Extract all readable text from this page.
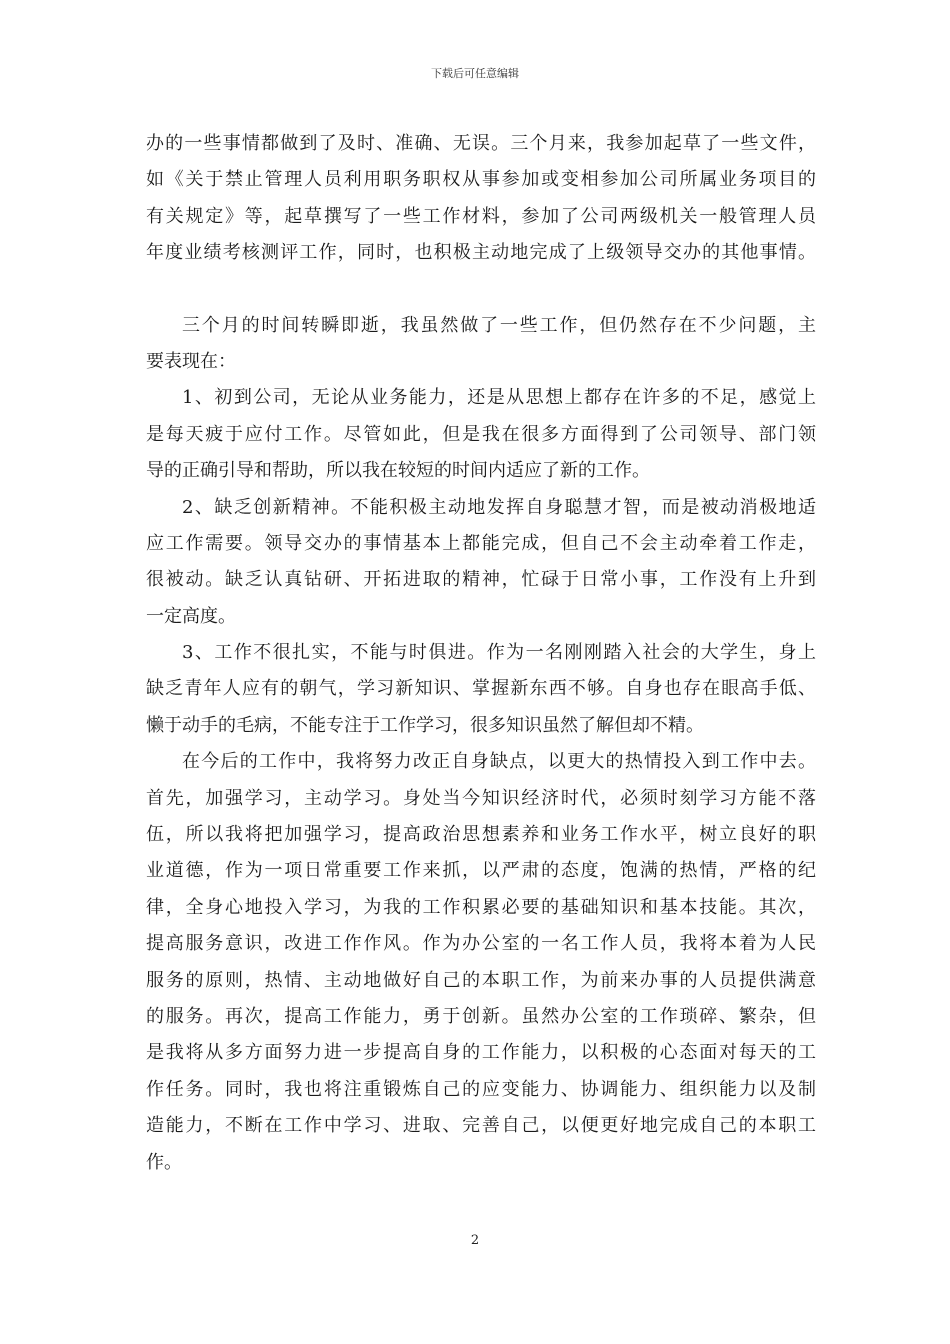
下载后可任意编辑
办的一些事情都做到了及时、准确、无误。三个月来，我参加起草了一些文件，
如《关于禁止管理人员利用职务职权从事参加或变相参加公司所属业务项目的
有关规定》等，起草撰写了一些工作材料，参加了公司两级机关一般管理人员
年度业绩考核测评工作，同时，也积极主动地完成了上级领导交办的其他事情。
三个月的时间转瞬即逝，我虽然做了一些工作，但仍然存在不少问题，主
要表现在：
1、初到公司，无论从业务能力，还是从思想上都存在许多的不足，感觉上
是每天疲于应付工作。尽管如此，但是我在很多方面得到了公司领导、部门领
导的正确引导和帮助，所以我在较短的时间内适应了新的工作。
2、缺乏创新精神。不能积极主动地发挥自身聪慧才智，而是被动消极地适
应工作需要。领导交办的事情基本上都能完成，但自己不会主动牵着工作走，
很被动。缺乏认真钻研、开拓进取的精神，忙碌于日常小事，工作没有上升到
一定高度。
3、工作不很扎实，不能与时俱进。作为一名刚刚踏入社会的大学生，身上
缺乏青年人应有的朝气，学习新知识、掌握新东西不够。自身也存在眼高手低、
懒于动手的毛病，不能专注于工作学习，很多知识虽然了解但却不精。
在今后的工作中，我将努力改正自身缺点，以更大的热情投入到工作中去。
首先，加强学习，主动学习。身处当今知识经济时代，必须时刻学习方能不落
伍，所以我将把加强学习，提高政治思想素养和业务工作水平，树立良好的职
业道德，作为一项日常重要工作来抓，以严肃的态度，饱满的热情，严格的纪
律，全身心地投入学习，为我的工作积累必要的基础知识和基本技能。其次，
提高服务意识，改进工作作风。作为办公室的一名工作人员，我将本着为人民
服务的原则，热情、主动地做好自己的本职工作，为前来办事的人员提供满意
的服务。再次，提高工作能力，勇于创新。虽然办公室的工作琐碎、繁杂，但
是我将从多方面努力进一步提高自身的工作能力，以积极的心态面对每天的工
作任务。同时，我也将注重锻炼自己的应变能力、协调能力、组织能力以及制
造能力，不断在工作中学习、进取、完善自己，以便更好地完成自己的本职工
作。
2
